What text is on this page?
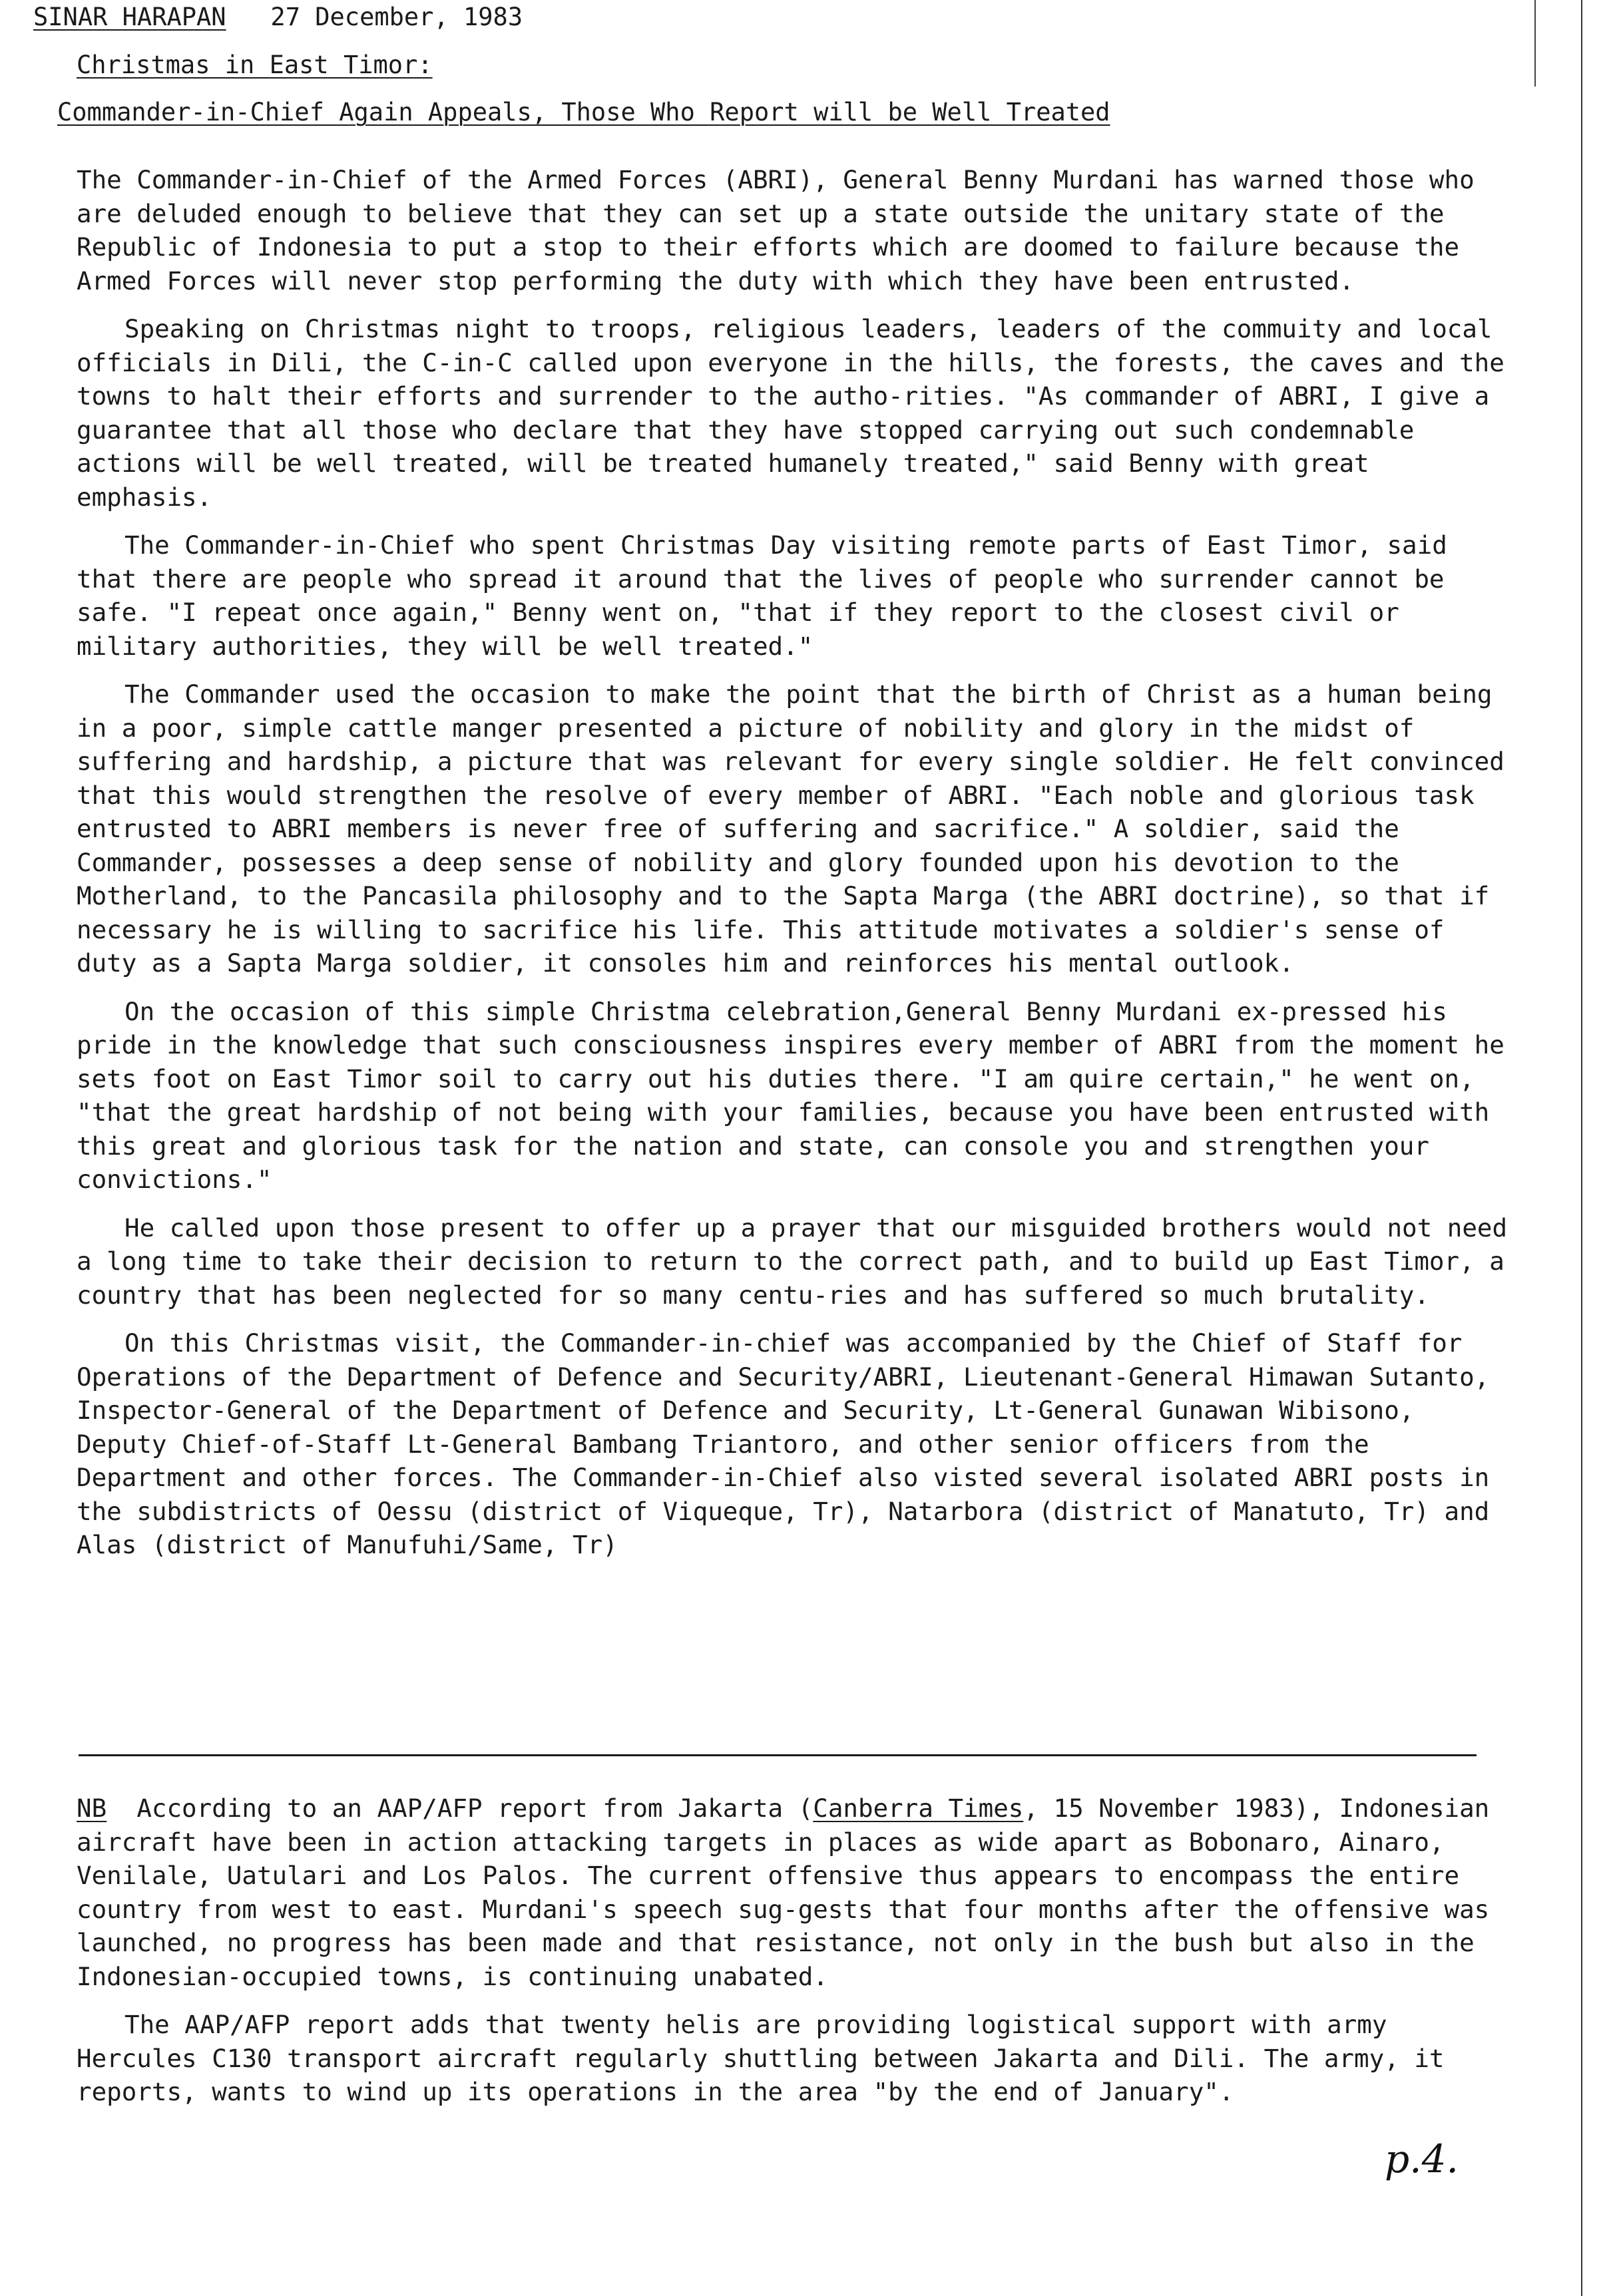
SINAR HARAPAN 27 December, 1983
Christmas in East Timor:
Commander-in-Chief Again Appeals, Those Who Report will be Well Treated

The Commander-in-Chief of the Armed Forces (ABRI), General Benny Murdani has warned those who are deluded enough to believe that they can set up a state outside the unitary state of the Republic of Indonesia to put a stop to their efforts which are doomed to failure because the Armed Forces will never stop performing the duty with which they have been entrusted.

Speaking on Christmas night to troops, religious leaders, leaders of the commuity and local officials in Dili, the C-in-C called upon everyone in the hills, the forests, the caves and the towns to halt their efforts and surrender to the autho-rities. "As commander of ABRI, I give a guarantee that all those who declare that they have stopped carrying out such condemnable actions will be well treated, will be treated humanely treated," said Benny with great emphasis.

The Commander-in-Chief who spent Christmas Day visiting remote parts of East Timor, said that there are people who spread it around that the lives of people who surrender cannot be safe. "I repeat once again," Benny went on, "that if they report to the closest civil or military authorities, they will be well treated."

The Commander used the occasion to make the point that the birth of Christ as a human being in a poor, simple cattle manger presented a picture of nobility and glory in the midst of suffering and hardship, a picture that was relevant for every single soldier. He felt convinced that this would strengthen the resolve of every member of ABRI. "Each noble and glorious task entrusted to ABRI members is never free of suffering and sacrifice." A soldier, said the Commander, possesses a deep sense of nobility and glory founded upon his devotion to the Motherland, to the Pancasila philosophy and to the Sapta Marga (the ABRI doctrine), so that if necessary he is willing to sacrifice his life. This attitude motivates a soldier's sense of duty as a Sapta Marga soldier, it consoles him and reinforces his mental outlook.

On the occasion of this simple Christma celebration,General Benny Murdani ex-pressed his pride in the knowledge that such consciousness inspires every member of ABRI from the moment he sets foot on East Timor soil to carry out his duties there. "I am quire certain," he went on, "that the great hardship of not being with your families, because you have been entrusted with this great and glorious task for the nation and state, can console you and strengthen your convictions."

He called upon those present to offer up a prayer that our misguided brothers would not need a long time to take their decision to return to the correct path, and to build up East Timor, a country that has been neglected for so many centu-ries and has suffered so much brutality.

On this Christmas visit, the Commander-in-chief was accompanied by the Chief of Staff for Operations of the Department of Defence and Security/ABRI, Lieutenant-General Himawan Sutanto, Inspector-General of the Department of Defence and Security, Lt-General Gunawan Wibisono, Deputy Chief-of-Staff Lt-General Bambang Triantoro, and other senior officers from the Department and other forces. The Commander-in-Chief also visted several isolated ABRI posts in the subdistricts of Oessu (district of Viqueque, Tr), Natarbora (district of Manatuto, Tr) and Alas (district of Manufuhi/Same, Tr)

NB According to an AAP/AFP report from Jakarta (Canberra Times, 15 November 1983), Indonesian aircraft have been in action attacking targets in places as wide apart as Bobonaro, Ainaro, Venilale, Uatulari and Los Palos. The current offensive thus appears to encompass the entire country from west to east. Murdani's speech sug-gests that four months after the offensive was launched, no progress has been made and that resistance, not only in the bush but also in the Indonesian-occupied towns, is continuing unabated.

The AAP/AFP report adds that twenty helis are providing logistical support with army Hercules C130 transport aircraft regularly shuttling between Jakarta and Dili. The army, it reports, wants to wind up its operations in the area "by the end of January".

p.4.
